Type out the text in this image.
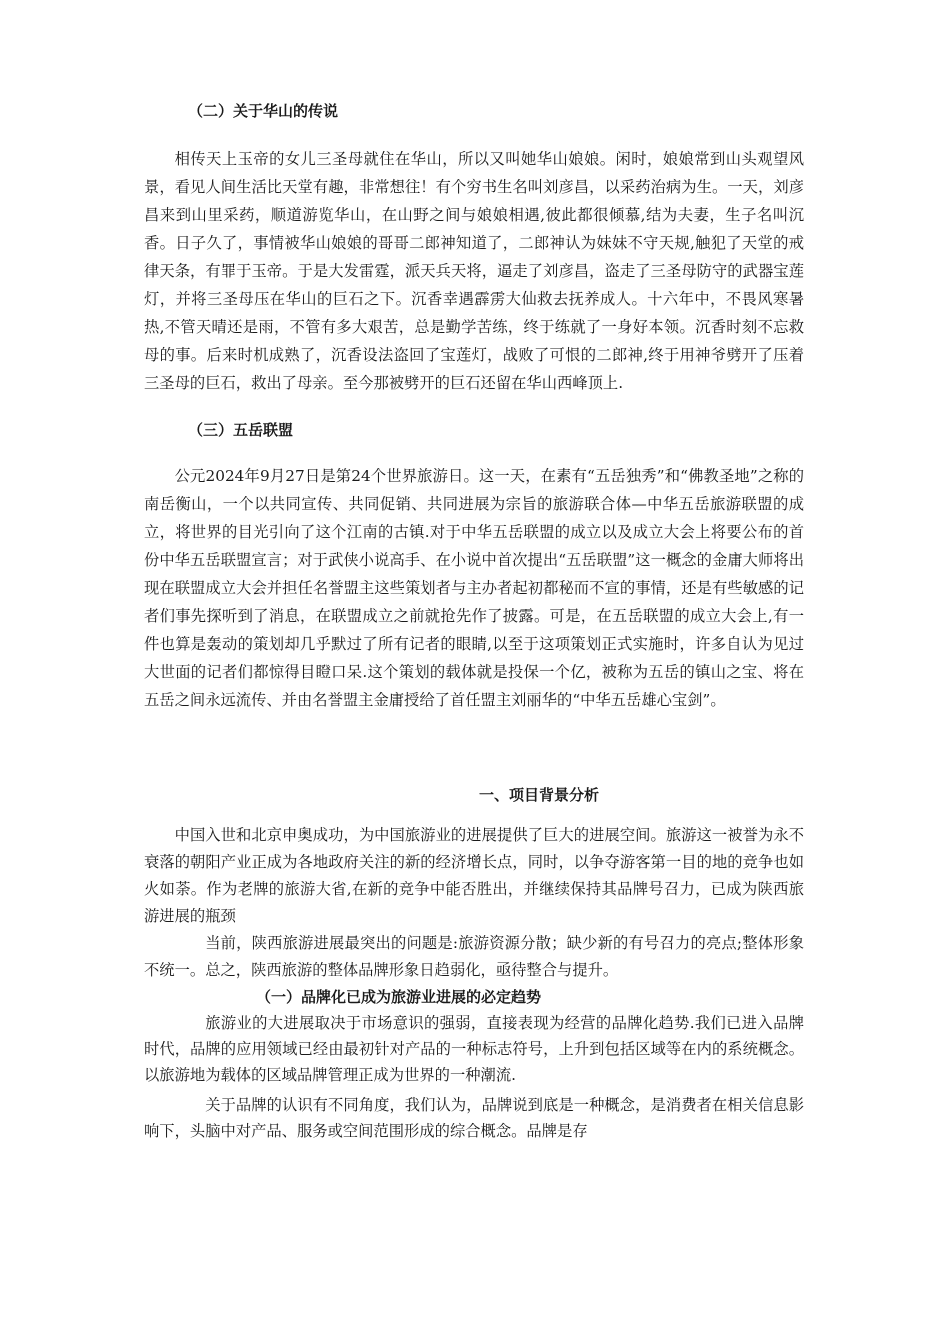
（二）关于华山的传说

相传天上玉帝的女儿三圣母就住在华山，所以又叫她华山娘娘。闲时，娘娘常到山头观望风景，看见人间生活比天堂有趣，非常想往！有个穷书生名叫刘彦昌，以采药治病为生。一天，刘彦昌来到山里采药，顺道游览华山，在山野之间与娘娘相遇,彼此都很倾慕,结为夫妻，生子名叫沉香。日子久了，事情被华山娘娘的哥哥二郎神知道了，二郎神认为妹妹不守天规,触犯了天堂的戒律天条，有罪于玉帝。于是大发雷霆，派天兵天将，逼走了刘彦昌，盗走了三圣母防守的武器宝莲灯，并将三圣母压在华山的巨石之下。沉香幸遇霹雳大仙救去抚养成人。十六年中，不畏风寒暑热,不管天晴还是雨，不管有多大艰苦，总是勤学苦练，终于练就了一身好本领。沉香时刻不忘救母的事。后来时机成熟了，沉香设法盗回了宝莲灯，战败了可恨的二郎神,终于用神爷劈开了压着三圣母的巨石，救出了母亲。至今那被劈开的巨石还留在华山西峰顶上.

（三）五岳联盟

公元2024年9月27日是第24个世界旅游日。这一天，在素有“五岳独秀”和“佛教圣地”之称的南岳衡山，一个以共同宣传、共同促销、共同进展为宗旨的旅游联合体—中华五岳旅游联盟的成立，将世界的目光引向了这个江南的古镇.对于中华五岳联盟的成立以及成立大会上将要公布的首份中华五岳联盟宣言；对于武侠小说高手、在小说中首次提出“五岳联盟”这一概念的金庸大师将出现在联盟成立大会并担任名誉盟主这些策划者与主办者起初都秘而不宣的事情，还是有些敏感的记者们事先探听到了消息，在联盟成立之前就抢先作了披露。可是，在五岳联盟的成立大会上,有一件也算是轰动的策划却几乎默过了所有记者的眼睛,以至于这项策划正式实施时，许多自认为见过大世面的记者们都惊得目瞪口呆.这个策划的载体就是投保一个亿，被称为五岳的镇山之宝、将在五岳之间永远流传、并由名誉盟主金庸授给了首任盟主刘丽华的“中华五岳雄心宝剑”。

一、项目背景分析

中国入世和北京申奥成功，为中国旅游业的进展提供了巨大的进展空间。旅游这一被誉为永不衰落的朝阳产业正成为各地政府关注的新的经济增长点，同时，以争夺游客第一目的地的竞争也如火如荼。作为老牌的旅游大省,在新的竞争中能否胜出，并继续保持其品牌号召力，已成为陕西旅游进展的瓶颈

当前，陕西旅游进展最突出的问题是:旅游资源分散；缺少新的有号召力的亮点;整体形象不统一。总之，陕西旅游的整体品牌形象日趋弱化，亟待整合与提升。

（一）品牌化已成为旅游业进展的必定趋势

旅游业的大进展取决于市场意识的强弱，直接表现为经营的品牌化趋势.我们已进入品牌时代，品牌的应用领域已经由最初针对产品的一种标志符号，上升到包括区域等在内的系统概念。以旅游地为载体的区域品牌管理正成为世界的一种潮流.

关于品牌的认识有不同角度，我们认为，品牌说到底是一种概念，是消费者在相关信息影响下，头脑中对产品、服务或空间范围形成的综合概念。品牌是存
